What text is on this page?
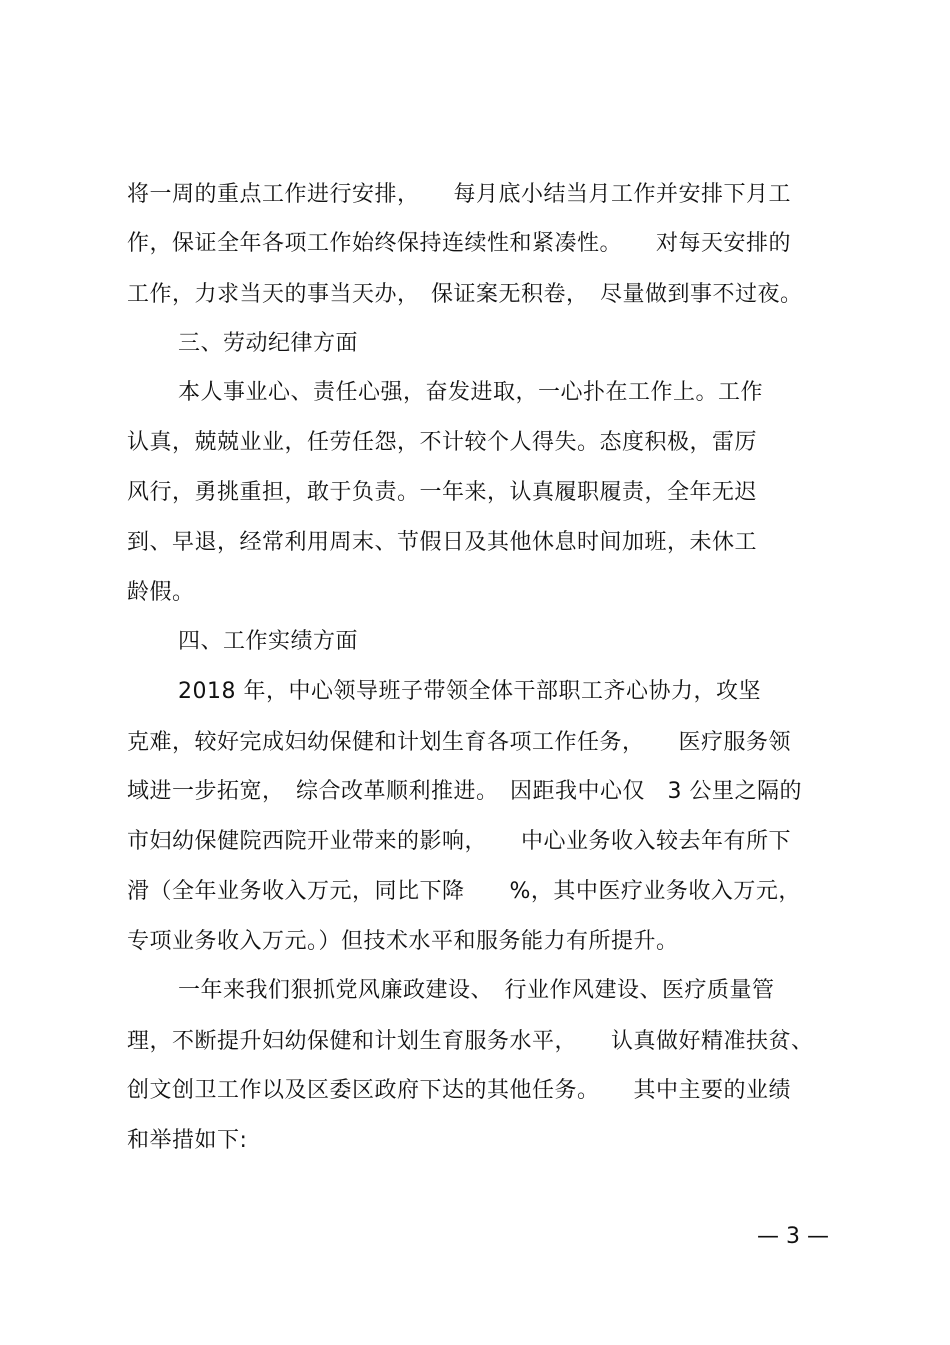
将一周的重点工作进行安排，　　每月底小结当月工作并安排下月工
作，保证全年各项工作始终保持连续性和紧凑性。　　对每天安排的
工作，力求当天的事当天办，　保证案无积卷，　尽量做到事不过夜。
三、劳动纪律方面
本人事业心、责任心强，奋发进取，一心扑在工作上。工作
认真，兢兢业业，任劳任怨，不计较个人得失。态度积极，雷厉
风行，勇挑重担，敢于负责。一年来，认真履职履责，全年无迟
到、早退，经常利用周末、节假日及其他休息时间加班，未休工
龄假。
四、工作实绩方面
2018 年，中心领导班子带领全体干部职工齐心协力，攻坚
克难，较好完成妇幼保健和计划生育各项工作任务，　　医疗服务领
域进一步拓宽，　综合改革顺利推进。　因距我中心仅　3 公里之隔的
市妇幼保健院西院开业带来的影响，　　中心业务收入较去年有所下
滑（全年业务收入万元，同比下降　　%，其中医疗业务收入万元，
专项业务收入万元。）但技术水平和服务能力有所提升。
一年来我们狠抓党风廉政建设、　行业作风建设、医疗质量管
理，不断提升妇幼保健和计划生育服务水平，　　认真做好精准扶贫、
创文创卫工作以及区委区政府下达的其他任务。　　其中主要的业绩
和举措如下:
— 3 —
